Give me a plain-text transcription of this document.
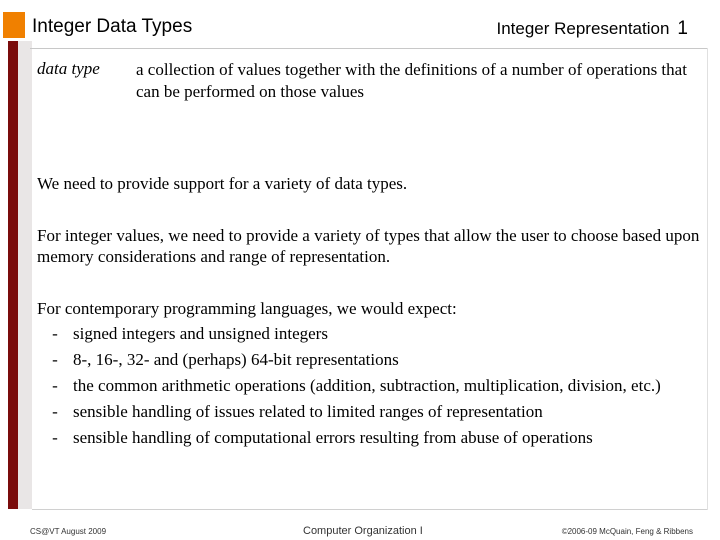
Integer Data Types	Integer Representation 1
data type a collection of values together with the definitions of a number of operations that can be performed on those values
We need to provide support for a variety of data types.
For integer values, we need to provide a variety of types that allow the user to choose based upon memory considerations and range of representation.
For contemporary programming languages, we would expect:
- signed integers and unsigned integers
- 8-, 16-, 32- and (perhaps) 64-bit representations
- the common arithmetic operations (addition, subtraction, multiplication, division, etc.)
- sensible handling of issues related to limited ranges of representation
- sensible handling of computational errors resulting from abuse of operations
CS@VT August 2009	Computer Organization I	©2006-09 McQuain, Feng & Ribbens
